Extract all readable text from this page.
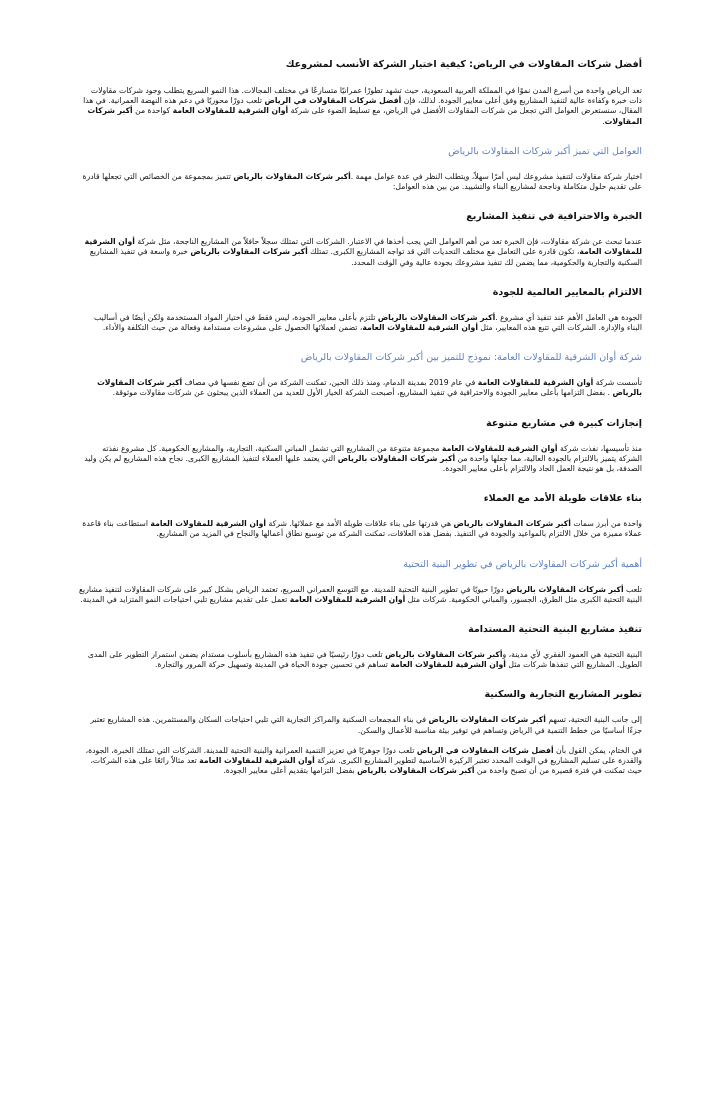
أفضل شركات المقاولات في الرياض: كيفية اختيار الشركة الأنسب لمشروعك

تعد الرياض واحدة من أسرع المدن نموًا في المملكة العربية السعودية، حيث تشهد تطورًا عمرانيًا متسارعًا في مختلف المجالات. هذا النمو السريع يتطلب وجود شركات مقاولات ذات خبرة وكفاءة عالية لتنفيذ المشاريع وفق أعلى معايير الجودة. لذلك، فإن أفضل شركات المقاولات في الرياض تلعب دورًا محوريًا في دعم هذه النهضة العمرانية. في هذا المقال، سنستعرض العوامل التي تجعل من شركات المقاولات الأفضل في الرياض، مع تسليط الضوء على شركة أوان الشرقية للمقاولات العامة كواحدة من أكبر شركات المقاولات.

العوامل التي تميز أكبر شركات المقاولات بالرياض

اختيار شركة مقاولات لتنفيذ مشروعك ليس أمرًا سهلاً، ويتطلب النظر في عدة عوامل مهمة .أكبر شركات المقاولات بالرياض تتميز بمجموعة من الخصائص التي تجعلها قادرة على تقديم حلول متكاملة وناجحة لمشاريع البناء والتشييد. من بين هذه العوامل:

الخبرة والاحترافية في تنفيذ المشاريع

عندما تبحث عن شركة مقاولات، فإن الخبرة تعد من أهم العوامل التي يجب أخذها في الاعتبار. الشركات التي تمتلك سجلاً حافلاً من المشاريع الناجحة، مثل شركة أوان الشرقية للمقاولات العامة، تكون قادرة على التعامل مع مختلف التحديات التي قد تواجه المشاريع الكبرى. تمتلك أكبر شركات المقاولات بالرياض خبرة واسعة في تنفيذ المشاريع السكنية والتجارية والحكومية، مما يضمن لك تنفيذ مشروعك بجودة عالية وفي الوقت المحدد.

الالتزام بالمعايير العالمية للجودة

الجودة هي العامل الأهم عند تنفيذ أي مشروع .أكبر شركات المقاولات بالرياض تلتزم بأعلى معايير الجودة، ليس فقط في اختيار المواد المستخدمة ولكن أيضًا في أساليب البناء والإدارة. الشركات التي تتبع هذه المعايير، مثل أوان الشرقية للمقاولات العامة، تضمن لعملائها الحصول على مشروعات مستدامة وفعالة من حيث التكلفة والأداء.

شركة أوان الشرقية للمقاولات العامة: نموذج للتميز بين أكبر شركات المقاولات بالرياض

تأسست شركة أوان الشرقية للمقاولات العامة في عام 2019 بمدينة الدمام، ومنذ ذلك الحين، تمكنت الشركة من أن تضع نفسها في مصاف أكبر شركات المقاولات بالرياض . بفضل التزامها بأعلى معايير الجودة والاحترافية في تنفيذ المشاريع، أصبحت الشركة الخيار الأول للعديد من العملاء الذين يبحثون عن شركات مقاولات موثوقة.

إنجازات كبيرة في مشاريع متنوعة

منذ تأسيسها، نفذت شركة أوان الشرقية للمقاولات العامة مجموعة متنوعة من المشاريع التي تشمل المباني السكنية، التجارية، والمشاريع الحكومية. كل مشروع نفذته الشركة يتميز بالالتزام بالجودة العالية، مما جعلها واحدة من أكبر شركات المقاولات بالرياض التي يعتمد عليها العملاء لتنفيذ المشاريع الكبرى. نجاح هذه المشاريع لم يكن وليد الصدفة، بل هو نتيجة العمل الجاد والالتزام بأعلى معايير الجودة.

بناء علاقات طويلة الأمد مع العملاء

واحدة من أبرز سمات أكبر شركات المقاولات بالرياض هي قدرتها على بناء علاقات طويلة الأمد مع عملائها. شركة أوان الشرقية للمقاولات العامة استطاعت بناء قاعدة عملاء مميزة من خلال الالتزام بالمواعيد والجودة في التنفيذ. بفضل هذه العلاقات، تمكنت الشركة من توسيع نطاق أعمالها والنجاح في المزيد من المشاريع.

أهمية أكبر شركات المقاولات بالرياض في تطوير البنية التحتية

تلعب أكبر شركات المقاولات بالرياض دورًا حيويًا في تطوير البنية التحتية للمدينة. مع التوسع العمراني السريع، تعتمد الرياض بشكل كبير على شركات المقاولات لتنفيذ مشاريع البنية التحتية الكبرى مثل الطرق، الجسور، والمباني الحكومية. شركات مثل أوان الشرقية للمقاولات العامة تعمل على تقديم مشاريع تلبي احتياجات النمو المتزايد في المدينة.

تنفيذ مشاريع البنية التحتية المستدامة

البنية التحتية هي العمود الفقري لأي مدينة، وأكبر شركات المقاولات بالرياض تلعب دورًا رئيسيًا في تنفيذ هذه المشاريع بأسلوب مستدام يضمن استمرار التطوير على المدى الطويل. المشاريع التي تنفذها شركات مثل أوان الشرقية للمقاولات العامة تساهم في تحسين جودة الحياة في المدينة وتسهيل حركة المرور والتجارة.

تطوير المشاريع التجارية والسكنية

إلى جانب البنية التحتية، تسهم أكبر شركات المقاولات بالرياض في بناء المجمعات السكنية والمراكز التجارية التي تلبي احتياجات السكان والمستثمرين. هذه المشاريع تعتبر جزءًا أساسيًا من خطط التنمية في الرياض وتساهم في توفير بيئة مناسبة للأعمال والسكن.

في الختام، يمكن القول بأن أفضل شركات المقاولات في الرياض تلعب دورًا جوهريًا في تعزيز التنمية العمرانية والبنية التحتية للمدينة. الشركات التي تمتلك الخبرة، الجودة، والقدرة على تسليم المشاريع في الوقت المحدد تعتبر الركيزة الأساسية لتطوير المشاريع الكبرى. شركة أوان الشرقية للمقاولات العامة تعد مثالاً رائعًا على هذه الشركات، حيث تمكنت في فترة قصيرة من أن تصبح واحدة من أكبر شركات المقاولات بالرياض بفضل التزامها بتقديم أعلى معايير الجودة.
